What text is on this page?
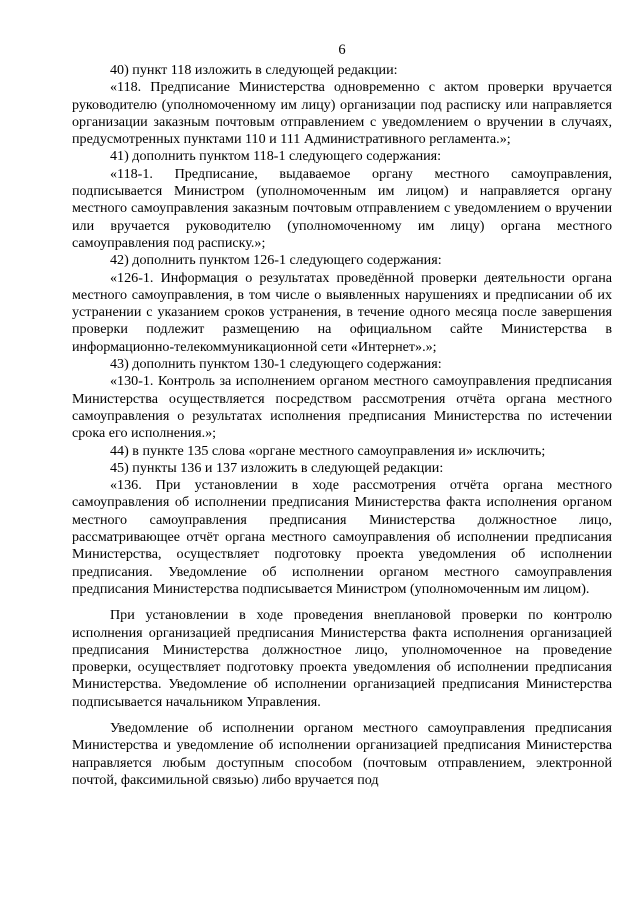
6

40) пункт 118 изложить в следующей редакции:

«118. Предписание Министерства одновременно с актом проверки вручается руководителю (уполномоченному им лицу) организации под расписку или направляется организации заказным почтовым отправлением с уведомлением о вручении в случаях, предусмотренных пунктами 110 и 111 Административного регламента.»;

41) дополнить пунктом 118-1 следующего содержания:

«118-1. Предписание, выдаваемое органу местного самоуправления, подписывается Министром (уполномоченным им лицом) и направляется органу местного самоуправления заказным почтовым отправлением с уведомлением о вручении или вручается руководителю (уполномоченному им лицу) органа местного самоуправления под расписку.»;

42) дополнить пунктом 126-1 следующего содержания:

«126-1. Информация о результатах проведённой проверки деятельности органа местного самоуправления, в том числе о выявленных нарушениях и предписании об их устранении с указанием сроков устранения, в течение одного месяца после завершения проверки подлежит размещению на официальном сайте Министерства в информационно-телекоммуникационной сети «Интернет».»;

43) дополнить пунктом 130-1 следующего содержания:

«130-1. Контроль за исполнением органом местного самоуправления предписания Министерства осуществляется посредством рассмотрения отчёта органа местного самоуправления о результатах исполнения предписания Министерства по истечении срока его исполнения.»;

44) в пункте 135 слова «органе местного самоуправления и» исключить;

45) пункты 136 и 137 изложить в следующей редакции:

«136. При установлении в ходе рассмотрения отчёта органа местного самоуправления об исполнении предписания Министерства факта исполнения органом местного самоуправления предписания Министерства должностное лицо, рассматривающее отчёт органа местного самоуправления об исполнении предписания Министерства, осуществляет подготовку проекта уведомления об исполнении предписания. Уведомление об исполнении органом местного самоуправления предписания Министерства подписывается Министром (уполномоченным им лицом).

При установлении в ходе проведения внеплановой проверки по контролю исполнения организацией предписания Министерства факта исполнения организацией предписания Министерства должностное лицо, уполномоченное на проведение проверки, осуществляет подготовку проекта уведомления об исполнении предписания Министерства. Уведомление об исполнении организацией предписания Министерства подписывается начальником Управления.

Уведомление об исполнении органом местного самоуправления предписания Министерства и уведомление об исполнении организацией предписания Министерства направляется любым доступным способом (почтовым отправлением, электронной почтой, факсимильной связью) либо вручается под
